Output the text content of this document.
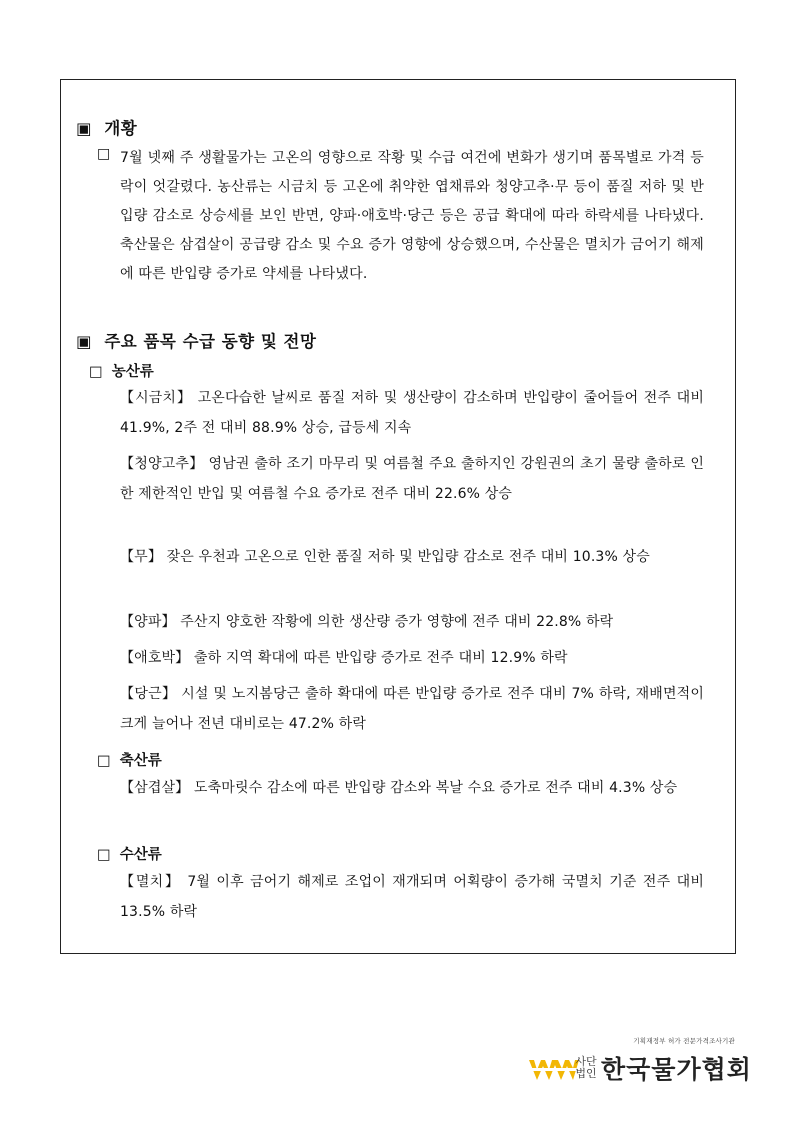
▣ 개황
□ 7월 넷째 주 생활물가는 고온의 영향으로 작황 및 수급 여건에 변화가 생기며 품목별로 가격 등락이 엇갈렸다. 농산류는 시금치 등 고온에 취약한 엽채류와 청양고추·무 등이 품질 저하 및 반입량 감소로 상승세를 보인 반면, 양파·애호박·당근 등은 공급 확대에 따라 하락세를 나타냈다. 축산물은 삼겹살이 공급량 감소 및 수요 증가 영향에 상승했으며, 수산물은 멸치가 금어기 해제에 따른 반입량 증가로 약세를 나타냈다.

▣ 주요 품목 수급 동향 및 전망
□ 농산류
【시금치】 고온다습한 날씨로 품질 저하 및 생산량이 감소하며 반입량이 줄어들어 전주 대비 41.9%, 2주 전 대비 88.9% 상승, 급등세 지속
【청양고추】 영남권 출하 조기 마무리 및 여름철 주요 출하지인 강원권의 초기 물량 출하로 인한 제한적인 반입 및 여름철 수요 증가로 전주 대비 22.6% 상승
【무】 잦은 우천과 고온으로 인한 품질 저하 및 반입량 감소로 전주 대비 10.3% 상승
【양파】 주산지 양호한 작황에 의한 생산량 증가 영향에 전주 대비 22.8% 하락
【애호박】 출하 지역 확대에 따른 반입량 증가로 전주 대비 12.9% 하락
【당근】 시설 및 노지봄당근 출하 확대에 따른 반입량 증가로 전주 대비 7% 하락, 재배면적이 크게 늘어나 전년 대비로는 47.2% 하락
□ 축산류
【삼겹살】 도축마릿수 감소에 따른 반입량 감소와 복날 수요 증가로 전주 대비 4.3% 상승
□ 수산류
【멸치】 7월 이후 금어기 해제로 조업이 재개되며 어획량이 증가해 국멸치 기준 전주 대비 13.5% 하락
기획재정부 허가 전문가격조사기관
사단
법인 한국물가협회
